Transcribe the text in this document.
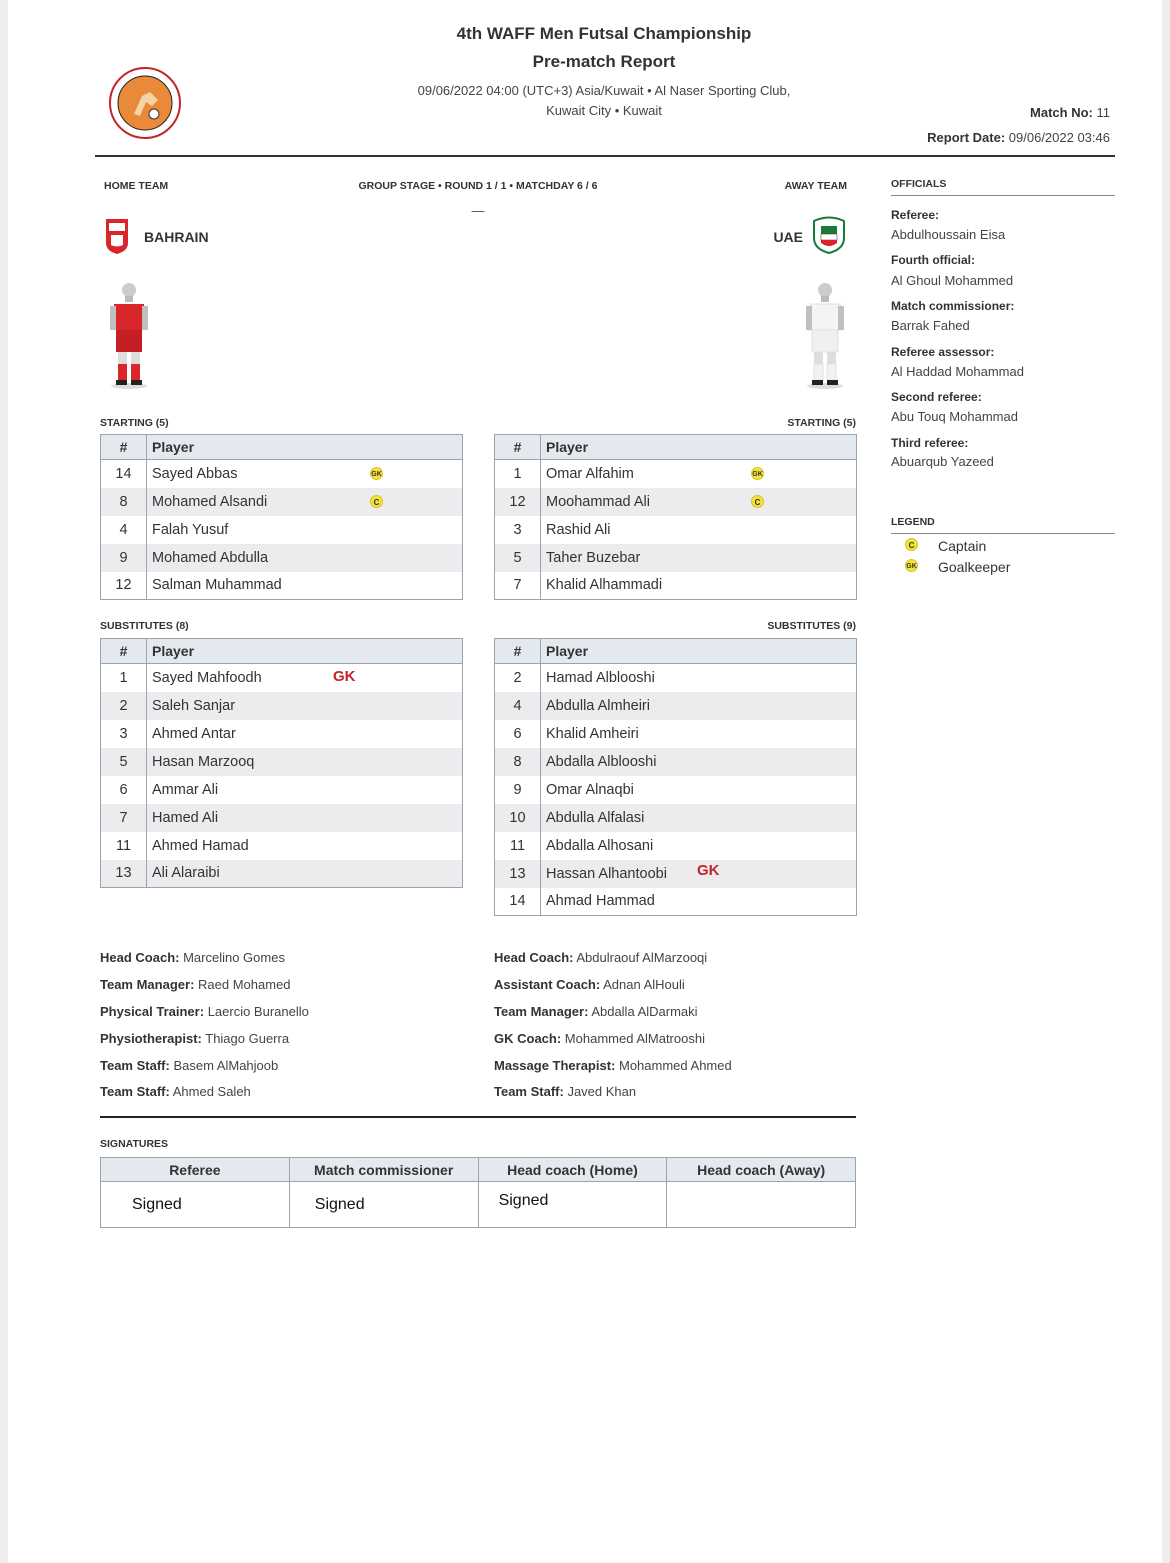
4th WAFF Men Futsal Championship
Pre-match Report
09/06/2022 04:00 (UTC+3) Asia/Kuwait • Al Naser Sporting Club,
Kuwait City • Kuwait	Match No: 11
Report Date: 09/06/2022 03:46
HOME TEAM	GROUP STAGE • ROUND 1 / 1 • MATCHDAY 6 / 6	AWAY TEAM
—
BAHRAIN	UAE
STARTING (5)	STARTING (5)
#	Player
14	Sayed Abbas GK

8	Mohamed Alsandi C

4	Falah Yusuf
9	Mohamed Abdulla
12	Salman Muhammad
#	Player
1	Omar Alfahim GK

12	Moohammad Ali C

3	Rashid Ali
5	Taher Buzebar
7	Khalid Alhammadi
SUBSTITUTES (8)	SUBSTITUTES (9)
#	Player
1	Sayed Mahfoodh GK

2	Saleh Sanjar
3	Ahmed Antar
5	Hasan Marzooq
6	Ammar Ali
7	Hamed Ali
11	Ahmed Hamad
13	Ali Alaraibi
#	Player
2	Hamad Alblooshi
4	Abdulla Almheiri
6	Khalid Amheiri
8	Abdalla Alblooshi
9	Omar Alnaqbi
10	Abdulla Alfalasi
11	Abdalla Alhosani
13	Hassan Alhantoobi GK

14	Ahmad Hammad
OFFICIALS
Referee:
Abdulhoussain Eisa
Fourth official:
Al Ghoul Mohammed
Match commissioner:
Barrak Fahed
Referee assessor:
Al Haddad Mohammad
Second referee:
Abu Touq Mohammad
Third referee:
Abuarqub Yazeed
LEGEND
C Captain
GK Goalkeeper
Head Coach: Marcelino Gomes
Team Manager: Raed Mohamed
Physical Trainer: Laercio Buranello
Physiotherapist: Thiago Guerra
Team Staff: Basem AlMahjoob
Team Staff: Ahmed Saleh
Head Coach: Abdulraouf AlMarzooqi
Assistant Coach: Adnan AlHouli
Team Manager: Abdalla AlDarmaki
GK Coach: Mohammed AlMatrooshi
Massage Therapist: Mohammed Ahmed
Team Staff: Javed Khan
SIGNATURES
Referee	Match commissioner	Head coach (Home)	Head coach (Away)
Signed	Signed	Signed	
